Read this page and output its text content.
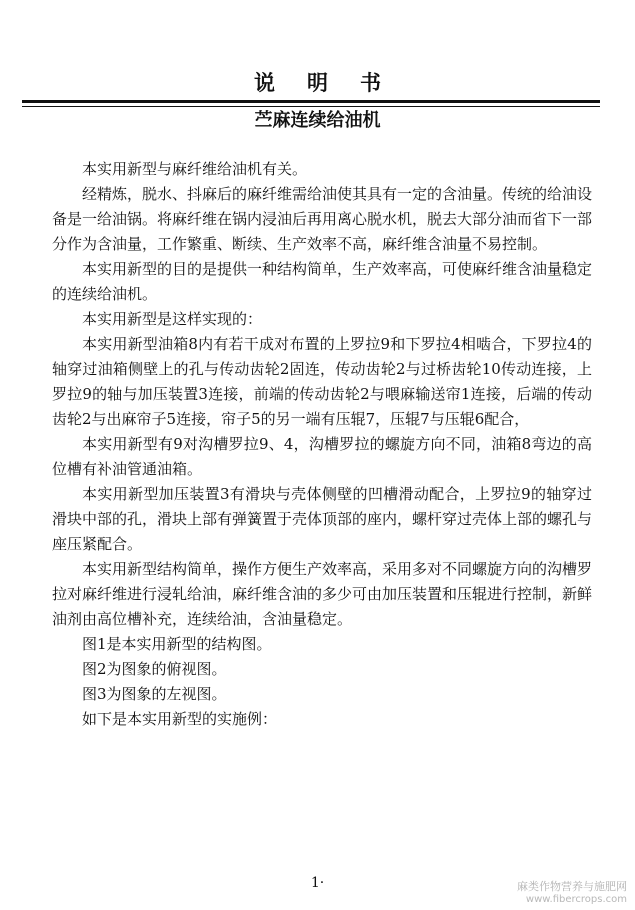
说明书
苎麻连续给油机

本实用新型与麻纤维给油机有关。

经精炼，脱水、抖麻后的麻纤维需给油使其具有一定的含油量。传统的给油设备是一给油锅。将麻纤维在锅内浸油后再用离心脱水机，脱去大部分油而省下一部分作为含油量，工作繁重、断续、生产效率不高，麻纤维含油量不易控制。

本实用新型的目的是提供一种结构简单，生产效率高，可使麻纤维含油量稳定的连续给油机。

本实用新型是这样实现的：

本实用新型油箱8内有若干成对布置的上罗拉9和下罗拉4相啮合，下罗拉4的轴穿过油箱侧壁上的孔与传动齿轮2固连，传动齿轮2与过桥齿轮10传动连接，上罗拉9的轴与加压装置3连接，前端的传动齿轮2与喂麻输送帘1连接，后端的传动齿轮2与出麻帘子5连接，帘子5的另一端有压辊7，压辊7与压辊6配合，

本实用新型有9对沟槽罗拉9、4，沟槽罗拉的螺旋方向不同，油箱8弯边的高位槽有补油管通油箱。

本实用新型加压装置3有滑块与壳体侧壁的凹槽滑动配合，上罗拉9的轴穿过滑块中部的孔，滑块上部有弹簧置于壳体顶部的座内，螺杆穿过壳体上部的螺孔与座压紧配合。

本实用新型结构简单，操作方便生产效率高，采用多对不同螺旋方向的沟槽罗拉对麻纤维进行浸轧给油，麻纤维含油的多少可由加压装置和压辊进行控制，新鲜油剂由高位槽补充，连续给油，含油量稳定。

图1是本实用新型的结构图。

图2为图象的俯视图。

图3为图象的左视图。

如下是本实用新型的实施例：

1·	麻类作物营养与施肥网
www.fibercrops.com
